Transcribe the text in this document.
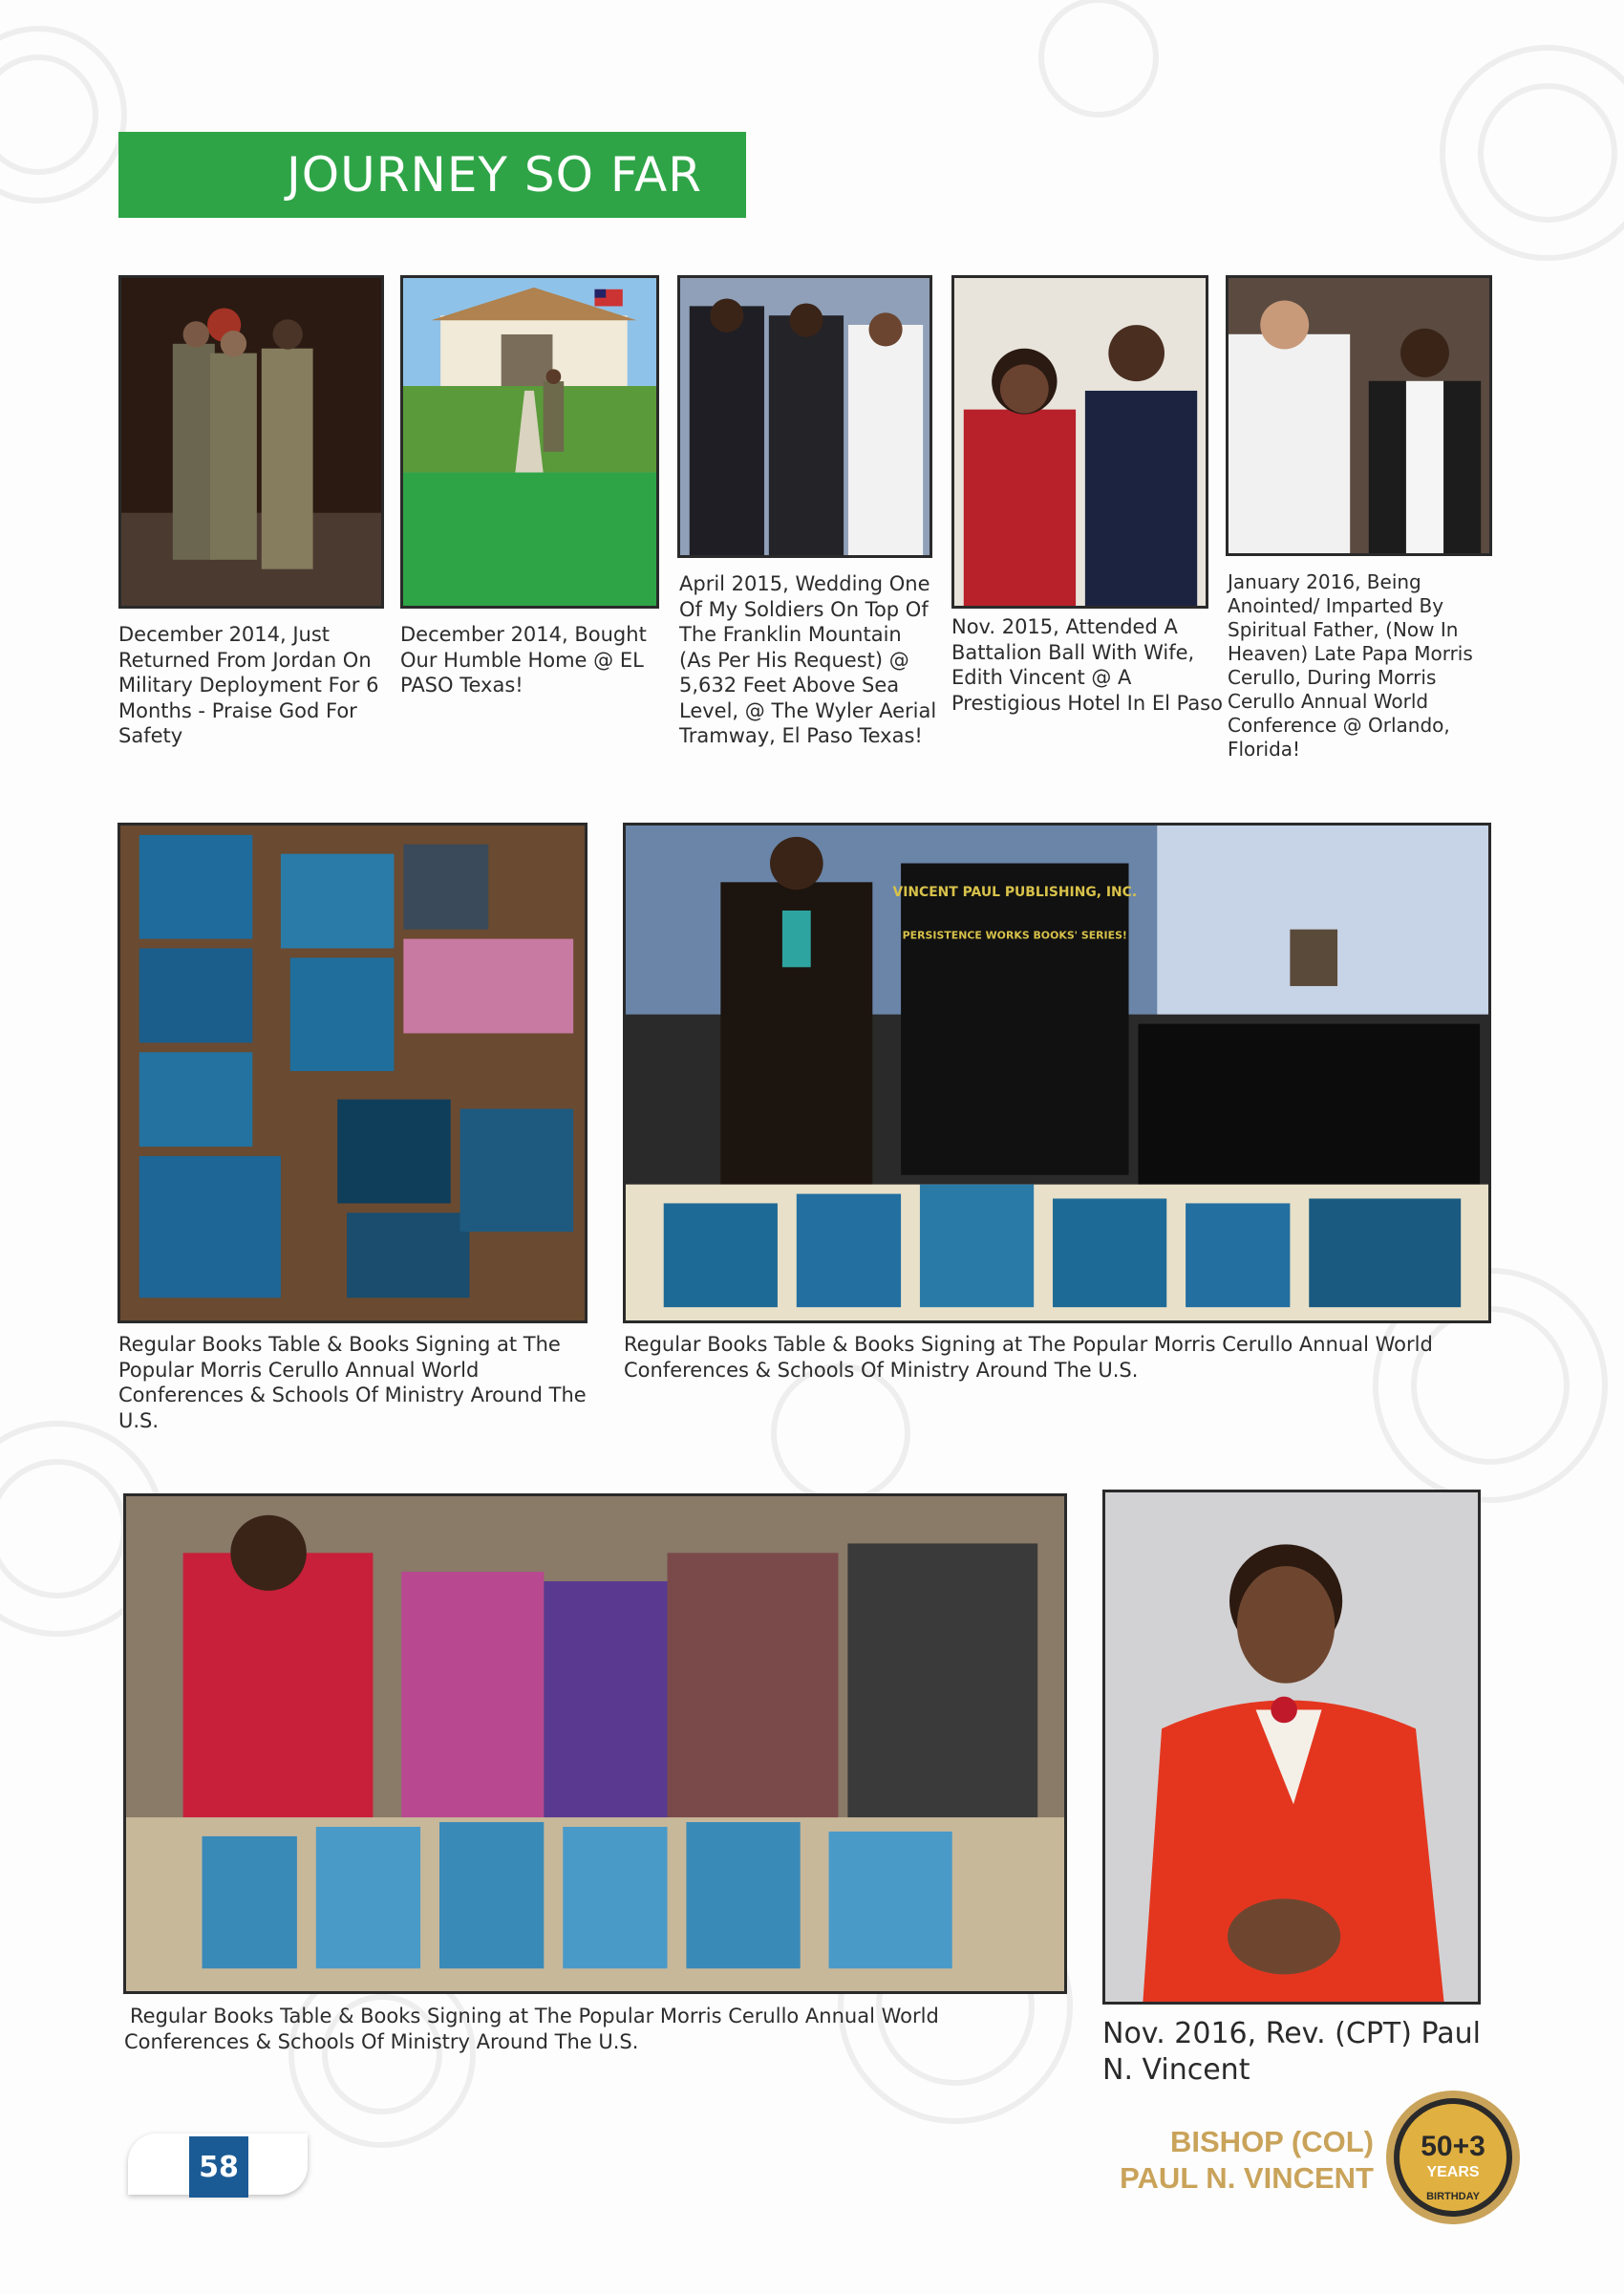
JOURNEY SO FAR
December 2014, Just Returned From Jordan On Military Deployment For 6 Months - Praise God For Safety
December 2014, Bought Our Humble Home @ EL PASO Texas!
April 2015, Wedding One Of My Soldiers On Top Of The Franklin Mountain (As Per His Request) @ 5,632 Feet Above Sea Level, @ The Wyler Aerial Tramway, El Paso Texas!
Nov. 2015, Attended A Battalion Ball With Wife, Edith Vincent @ A Prestigious Hotel In El Paso
January 2016, Being Anointed/ Imparted By Spiritual Father, (Now In Heaven) Late Papa Morris Cerullo, During Morris Cerullo Annual World Conference @ Orlando, Florida!
VINCENT PAUL PUBLISHING, INC.
PERSISTENCE WORKS BOOKS' SERIES!
Regular Books Table & Books Signing at The Popular Morris Cerullo Annual World Conferences & Schools Of Ministry Around The U.S.
Regular Books Table & Books Signing at The Popular Morris Cerullo Annual World Conferences & Schools Of Ministry Around The U.S.
Regular Books Table & Books Signing at The Popular Morris Cerullo Annual World Conferences & Schools Of Ministry Around The U.S.	Nov. 2016, Rev. (CPT) Paul N. Vincent
58
BISHOP (COL)
PAUL N. VINCENT
50+3
YEARS
BIRTHDAY
